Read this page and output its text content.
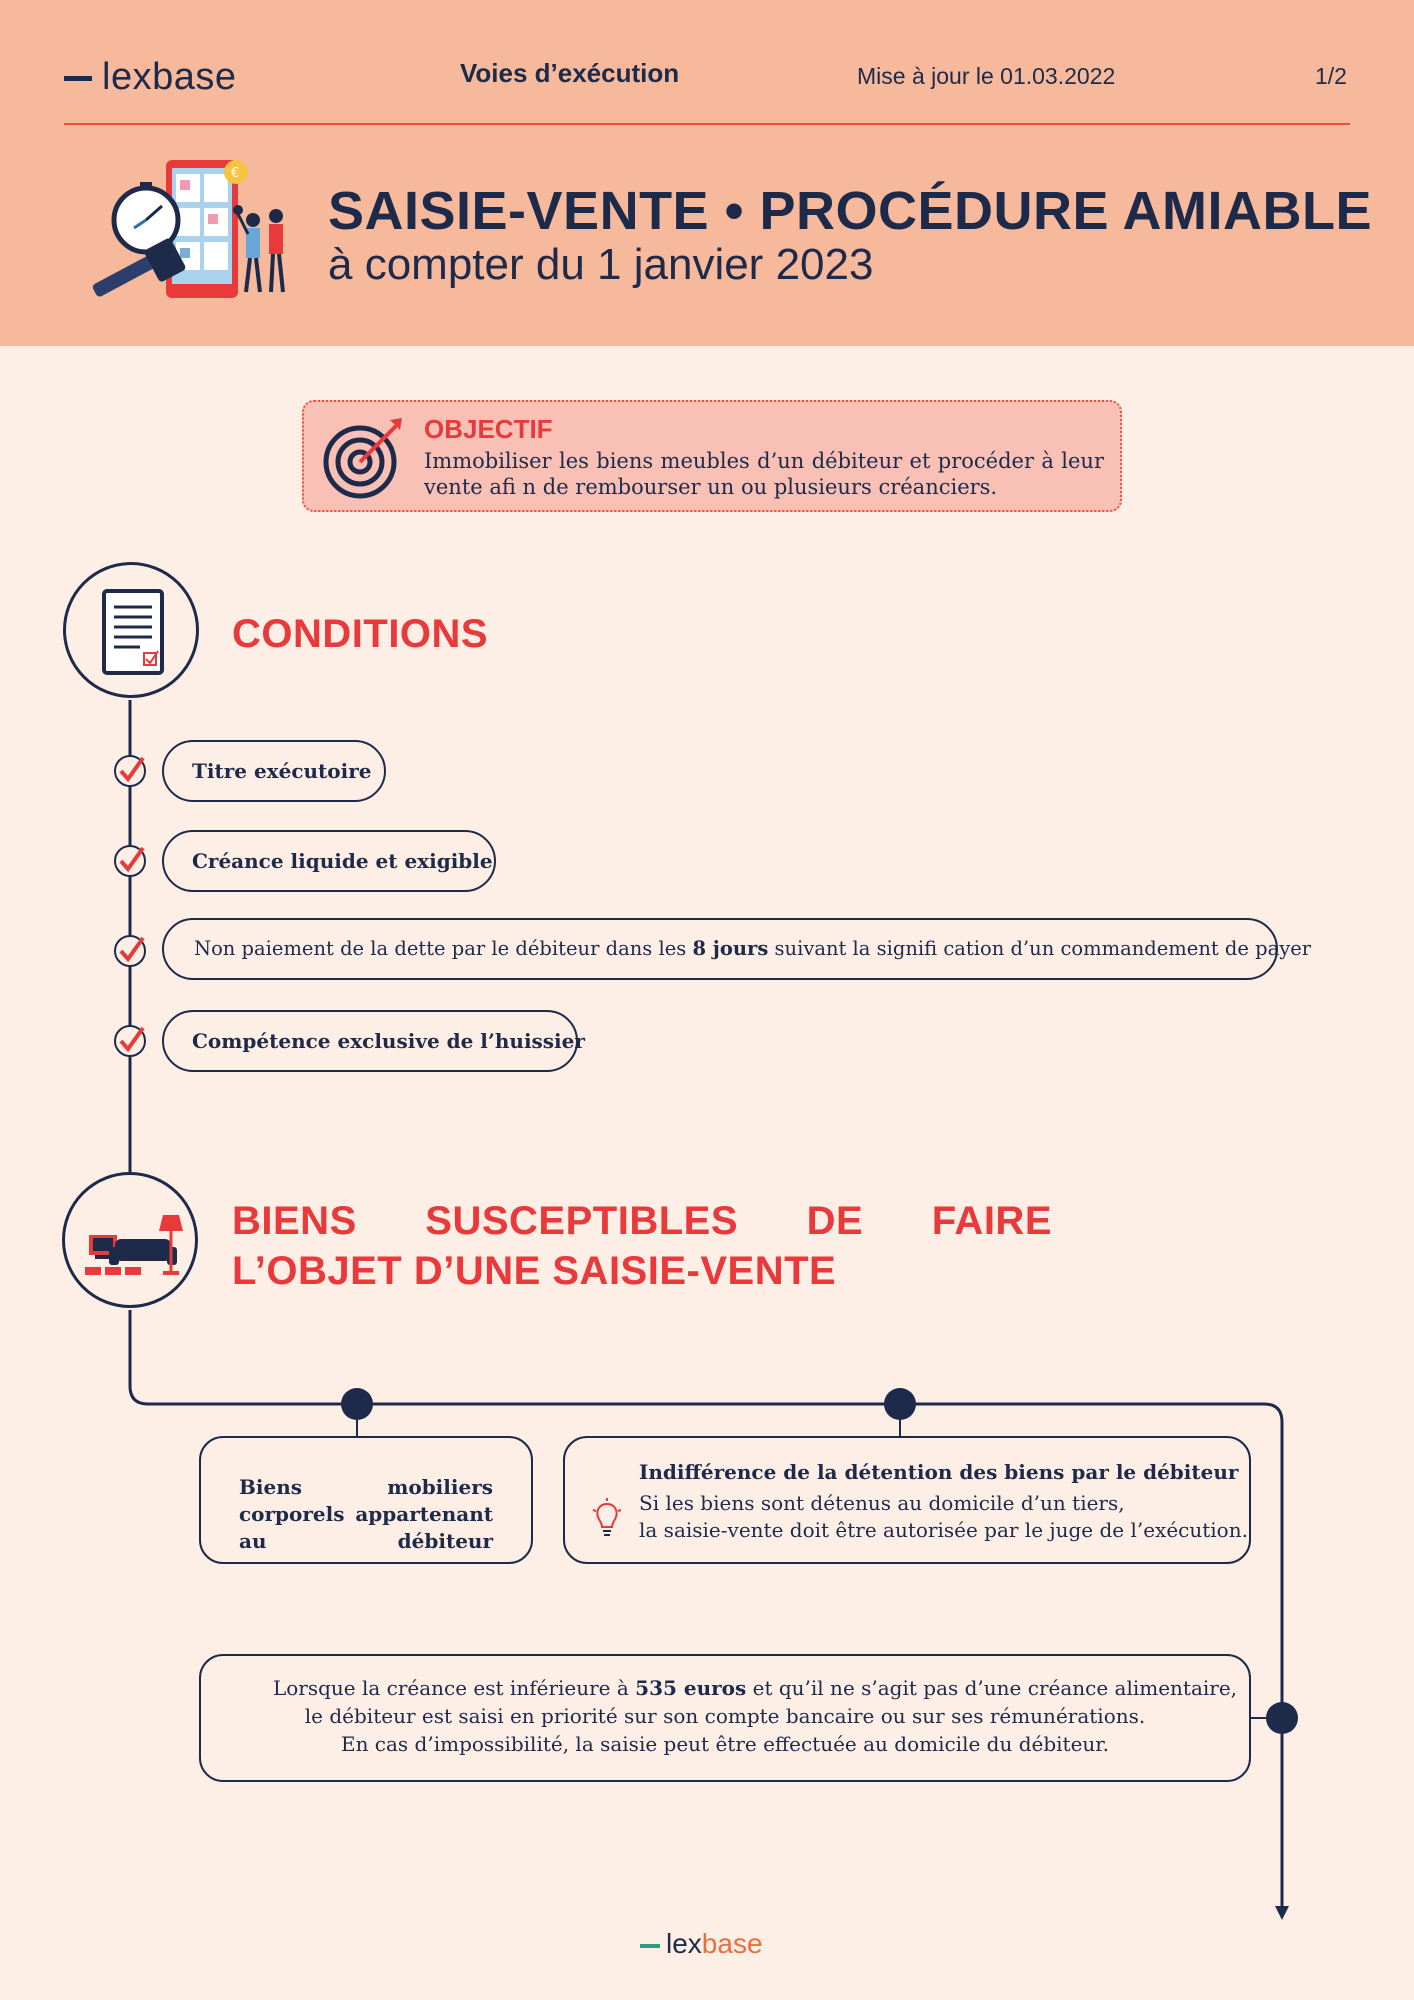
lexbase	Voies d’exécution	Mise à jour le 01.03.2022	1/2
€
SAISIE-VENTE • PROCÉDURE AMIABLE
à compter du 1 janvier 2023
OBJECTIF
Immobiliser les biens meubles d’un débiteur et procéder à leur vente afi n de rembourser un ou plusieurs créanciers.
CONDITIONS
Titre exécutoire
Créance liquide et exigible
Non paiement de la dette par le débiteur dans les 8 jours suivant la signifi cation d’un commandement de payer
Compétence exclusive de l’huissier
BIENS SUSCEPTIBLES DE FAIRE
L’OBJET D’UNE SAISIE-VENTE
Biens mobiliers corporels appartenant au débiteur
Indifférence de la détention des biens par le débiteur
Si les biens sont détenus au domicile d’un tiers,
la saisie-vente doit être autorisée par le juge de l’exécution.
Lorsque la créance est inférieure à 535 euros et qu’il ne s’agit pas d’une créance alimentaire,
le débiteur est saisi en priorité sur son compte bancaire ou sur ses rémunérations.
En cas d’impossibilité, la saisie peut être effectuée au domicile du débiteur.
lexbase
